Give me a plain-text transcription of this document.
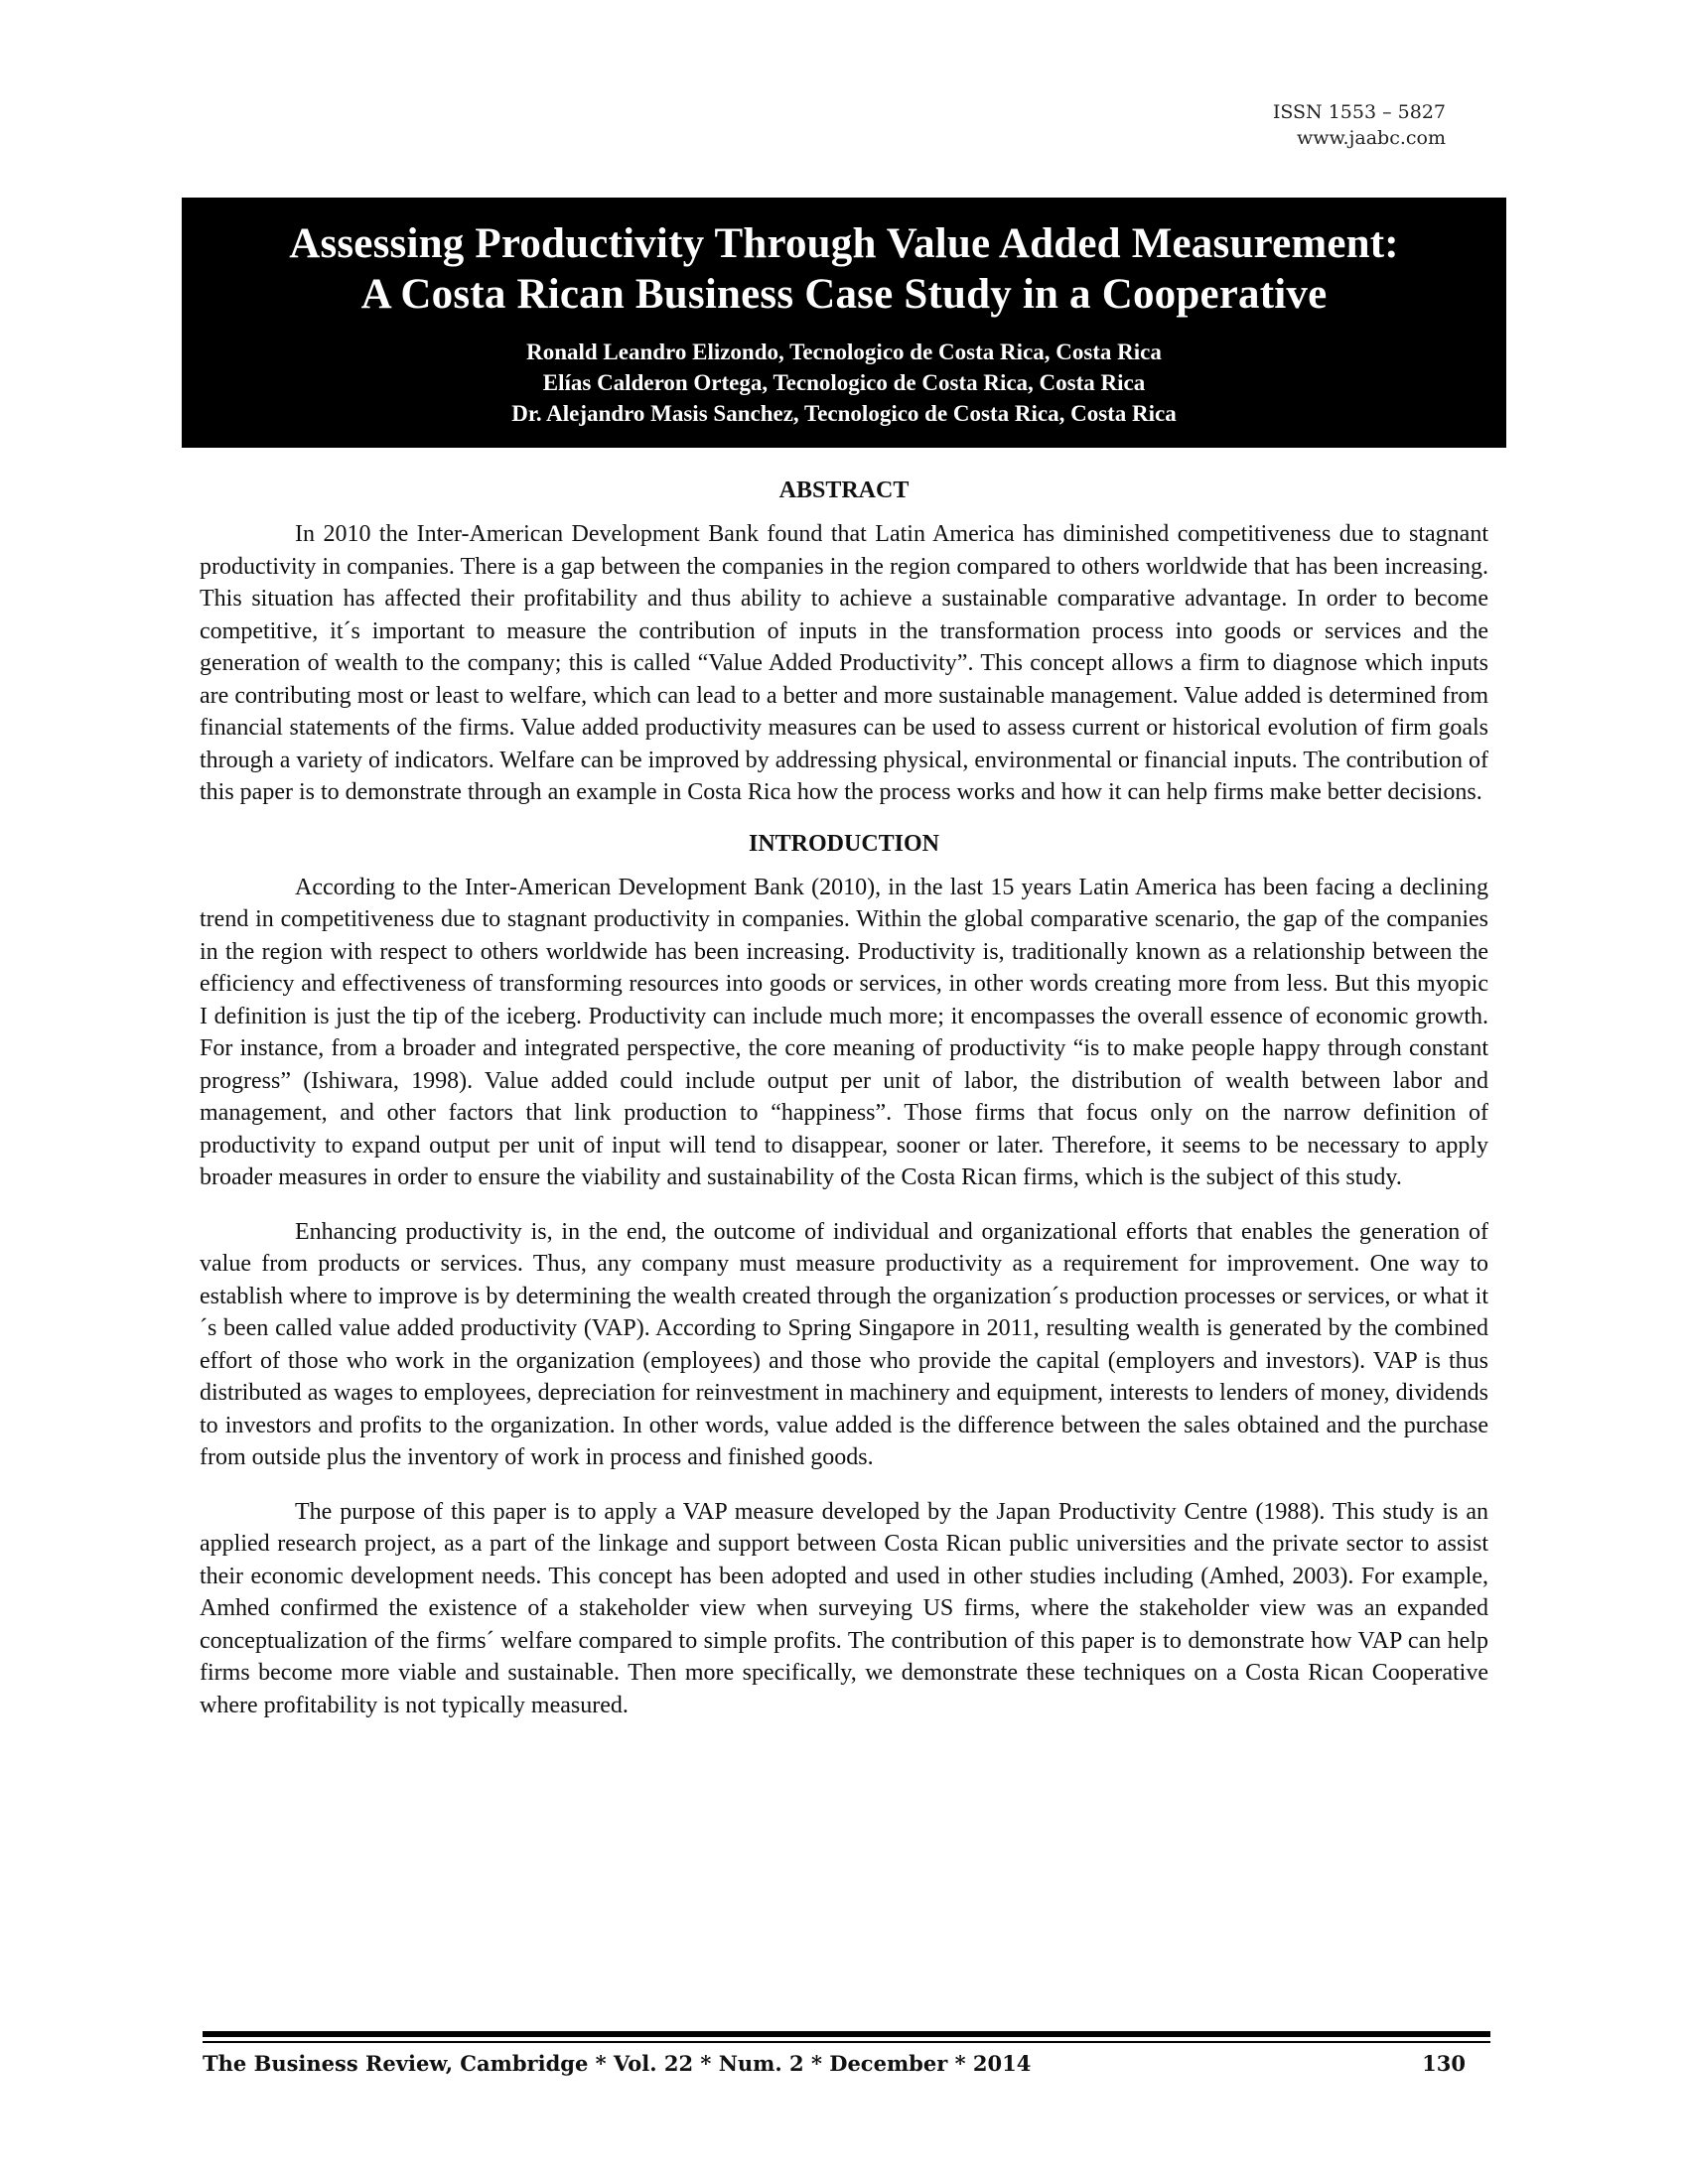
ISSN 1553 – 5827
www.jaabc.com
Assessing Productivity Through Value Added Measurement:
A Costa Rican Business Case Study in a Cooperative
Ronald Leandro Elizondo, Tecnologico de Costa Rica, Costa Rica
Elías Calderon Ortega, Tecnologico de Costa Rica, Costa Rica
Dr. Alejandro Masis Sanchez, Tecnologico de Costa Rica, Costa Rica
ABSTRACT

In 2010 the Inter-American Development Bank found that Latin America has diminished competitiveness due to stagnant productivity in companies. There is a gap between the companies in the region compared to others worldwide that has been increasing. This situation has affected their profitability and thus ability to achieve a sustainable comparative advantage. In order to become competitive, it´s important to measure the contribution of inputs in the transformation process into goods or services and the generation of wealth to the company; this is called “Value Added Productivity”. This concept allows a firm to diagnose which inputs are contributing most or least to welfare, which can lead to a better and more sustainable management. Value added is determined from financial statements of the firms. Value added productivity measures can be used to assess current or historical evolution of firm goals through a variety of indicators. Welfare can be improved by addressing physical, environmental or financial inputs. The contribution of this paper is to demonstrate through an example in Costa Rica how the process works and how it can help firms make better decisions.

INTRODUCTION

According to the Inter-American Development Bank (2010), in the last 15 years Latin America has been facing a declining trend in competitiveness due to stagnant productivity in companies. Within the global comparative scenario, the gap of the companies in the region with respect to others worldwide has been increasing. Productivity is, traditionally known as a relationship between the efficiency and effectiveness of transforming resources into goods or services, in other words creating more from less. But this myopic I definition is just the tip of the iceberg. Productivity can include much more; it encompasses the overall essence of economic growth. For instance, from a broader and integrated perspective, the core meaning of productivity “is to make people happy through constant progress” (Ishiwara, 1998). Value added could include output per unit of labor, the distribution of wealth between labor and management, and other factors that link production to “happiness”. Those firms that focus only on the narrow definition of productivity to expand output per unit of input will tend to disappear, sooner or later. Therefore, it seems to be necessary to apply broader measures in order to ensure the viability and sustainability of the Costa Rican firms, which is the subject of this study.

Enhancing productivity is, in the end, the outcome of individual and organizational efforts that enables the generation of value from products or services. Thus, any company must measure productivity as a requirement for improvement. One way to establish where to improve is by determining the wealth created through the organization´s production processes or services, or what it´s been called value added productivity (VAP). According to Spring Singapore in 2011, resulting wealth is generated by the combined effort of those who work in the organization (employees) and those who provide the capital (employers and investors). VAP is thus distributed as wages to employees, depreciation for reinvestment in machinery and equipment, interests to lenders of money, dividends to investors and profits to the organization. In other words, value added is the difference between the sales obtained and the purchase from outside plus the inventory of work in process and finished goods.

The purpose of this paper is to apply a VAP measure developed by the Japan Productivity Centre (1988). This study is an applied research project, as a part of the linkage and support between Costa Rican public universities and the private sector to assist their economic development needs. This concept has been adopted and used in other studies including (Amhed, 2003). For example, Amhed confirmed the existence of a stakeholder view when surveying US firms, where the stakeholder view was an expanded conceptualization of the firms´ welfare compared to simple profits. The contribution of this paper is to demonstrate how VAP can help firms become more viable and sustainable. Then more specifically, we demonstrate these techniques on a Costa Rican Cooperative where profitability is not typically measured.

The Business Review, Cambridge * Vol. 22 * Num. 2 * December * 2014	130
